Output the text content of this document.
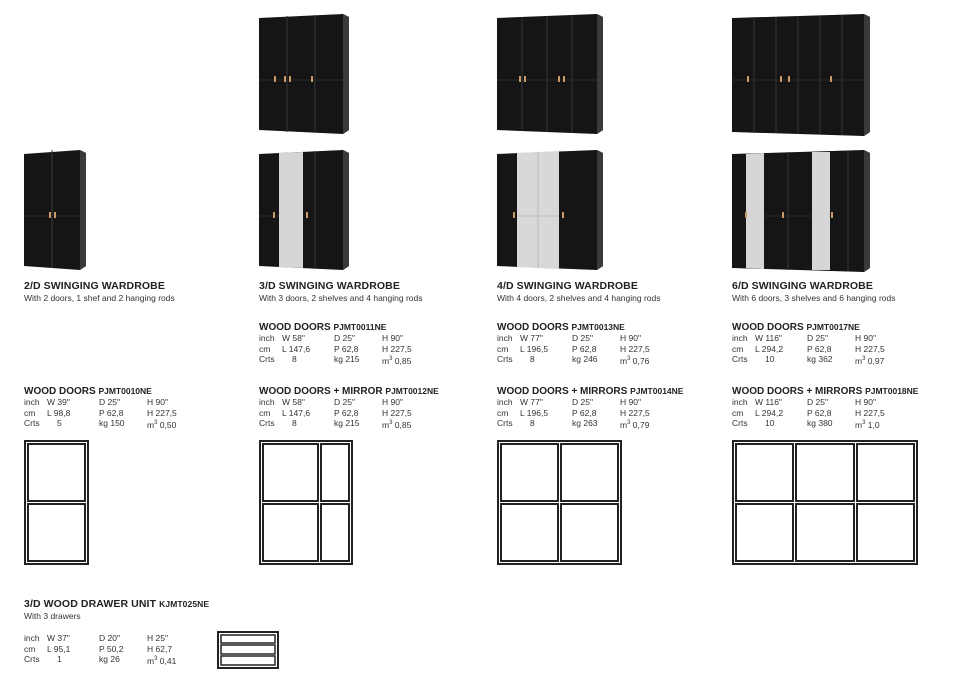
2/D SWINGING WARDROBE
With 2 doors, 1 shef and 2 hanging rods
3/D SWINGING WARDROBE
With 3 doors, 2 shelves and 4 hanging rods
4/D SWINGING WARDROBE
With 4 doors, 2 shelves and 4 hanging rods
6/D SWINGING WARDROBE
With 6 doors, 3 shelves and 6 hanging rods
WOOD DOORS PJMT0011NE
inch W 58"	D 25"	H 90"
cm L 147,6	P 62,8	H 227,5
Crts 8	kg 215	$m^3$ 0,85
WOOD DOORS PJMT0013NE
inch W 77"	D 25"	H 90"
cm L 196,5	P 62,8	H 227,5
Crts 8	kg 246	$m^3$ 0,76
WOOD DOORS PJMT0017NE
inch W 116"	D 25"	H 90"
cm L 294,2	P 62,8	H 227,5
Crts 10	kg 362	$m^3$ 0,97
WOOD DOORS PJMT0010NE
inch W 39"	D 25"	H 90"
cm L 98,8	P 62,8	H 227,5
Crts 5	kg 150	$m^3$ 0,50
WOOD DOORS + MIRROR PJMT0012NE
inch W 58"	D 25"	H 90"
cm L 147,6	P 62,8	H 227,5
Crts 8	kg 215	$m^3$ 0,85
WOOD DOORS + MIRRORS PJMT0014NE
inch W 77"	D 25"	H 90"
cm L 196,5	P 62,8	H 227,5
Crts 8	kg 263	$m^3$ 0,79
WOOD DOORS + MIRRORS PJMT0018NE
inch W 116"	D 25"	H 90"
cm L 294,2	P 62,8	H 227,5
Crts 10	kg 380	$m^3$ 1,0
3/D WOOD DRAWER UNIT KJMT025NE
With 3 drawers
inch W 37"	D 20"	H 25"
cm L 95,1	P 50,2	H 62,7
Crts 1	kg 26	$m^3$ 0,41
